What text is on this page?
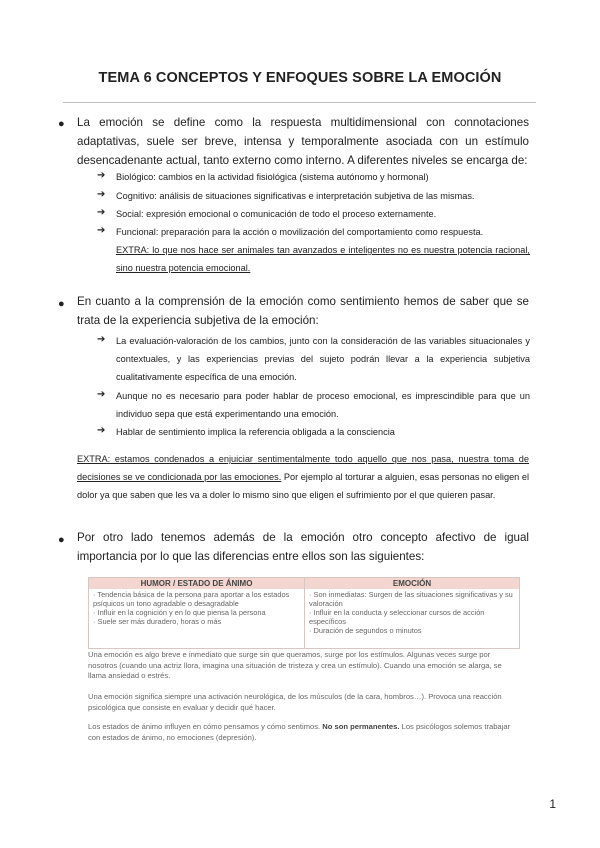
TEMA 6 CONCEPTOS Y ENFOQUES SOBRE LA EMOCIÓN
● La emoción se define como la respuesta multidimensional con connotaciones adaptativas, suele ser breve, intensa y temporalmente asociada con un estímulo desencadenante actual, tanto externo como interno. A diferentes niveles se encarga de:
➔ Biológico: cambios en la actividad fisiológica (sistema autónomo y hormonal)
➔ Cognitivo: análisis de situaciones significativas e interpretación subjetiva de las mismas.
➔ Social: expresión emocional o comunicación de todo el proceso externamente.
➔ Funcional: preparación para la acción o movilización del comportamiento como respuesta.
EXTRA: lo que nos hace ser animales tan avanzados e inteligentes no es nuestra potencia racional, sino nuestra potencia emocional.
● En cuanto a la comprensión de la emoción como sentimiento hemos de saber que se trata de la experiencia subjetiva de la emoción:
➔ La evaluación-valoración de los cambios, junto con la consideración de las variables situacionales y contextuales, y las experiencias previas del sujeto podrán llevar a la experiencia subjetiva cualitativamente específica de una emoción.
➔ Aunque no es necesario para poder hablar de proceso emocional, es imprescindible para que un individuo sepa que está experimentando una emoción.
➔ Hablar de sentimiento implica la referencia obligada a la consciencia
EXTRA: estamos condenados a enjuiciar sentimentalmente todo aquello que nos pasa, nuestra toma de decisiones se ve condicionada por las emociones. Por ejemplo al torturar a alguien, esas personas no eligen el dolor ya que saben que les va a doler lo mismo sino que eligen el sufrimiento por el que quieren pasar.
● Por otro lado tenemos además de la emoción otro concepto afectivo de igual importancia por lo que las diferencias entre ellos son las siguientes:
HUMOR / ESTADO DE ÁNIMO	EMOCIÓN
· Tendencia básica de la persona para aportar a los estados psíquicos un tono agradable o desagradable
· Influir en la cognición y en lo que piensa la persona
· Suele ser más duradero, horas o más
· Son inmediatas: Surgen de las situaciones significativas y su valoración
· Influir en la conducta y seleccionar cursos de acción específicos
· Duración de segundos o minutos
Una emoción es algo breve e inmediato que surge sin que queramos, surge por los estímulos. Algunas veces surge por nosotros (cuando una actriz llora, imagina una situación de tristeza y crea un estímulo). Cuando una emoción se alarga, se llama ansiedad o estrés.
Una emoción significa siempre una activación neurológica, de los músculos (de la cara, hombros…). Provoca una reacción psicológica que consiste en evaluar y decidir qué hacer.
Los estados de ánimo influyen en cómo pensamos y cómo sentimos. No son permanentes. Los psicólogos solemos trabajar con estados de ánimo, no emociones (depresión).
1
